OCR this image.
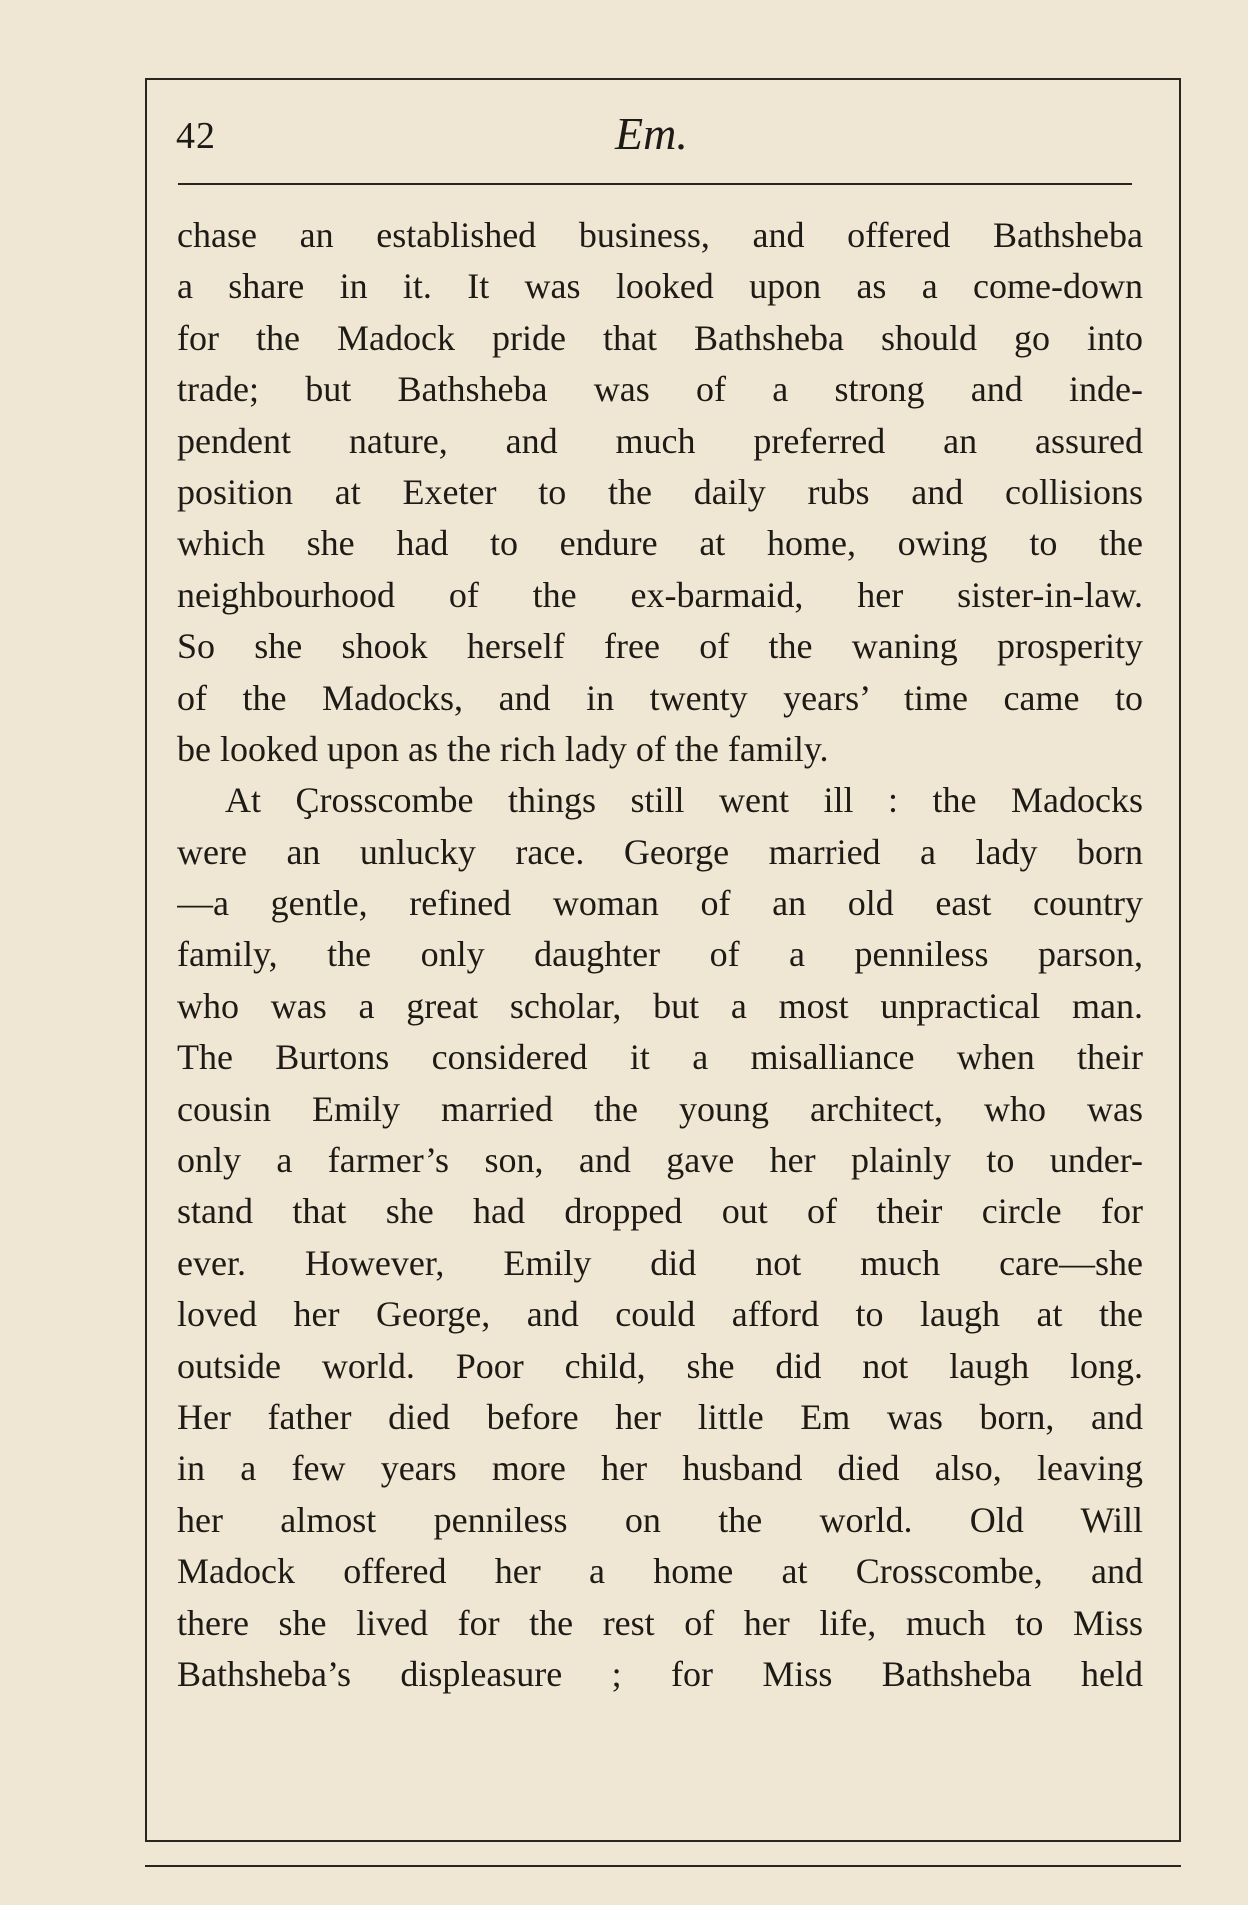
42	Em.
chase an established business, and offered Bathsheba
a share in it. It was looked upon as a come-down
for the Madock pride that Bathsheba should go into
trade; but Bathsheba was of a strong and inde-
pendent nature, and much preferred an assured
position at Exeter to the daily rubs and collisions
which she had to endure at home, owing to the
neighbourhood of the ex-barmaid, her sister-in-law.
So she shook herself free of the waning prosperity
of the Madocks, and in twenty years’ time came to
be looked upon as the rich lady of the family.
At Ҫrosscombe things still went ill : the Madocks
were an unlucky race. George married a lady born
—a gentle, refined woman of an old east country
family, the only daughter of a penniless parson,
who was a great scholar, but a most unpractical man.
The Burtons considered it a misalliance when their
cousin Emily married the young architect, who was
only a farmer’s son, and gave her plainly to under-
stand that she had dropped out of their circle for
ever. However, Emily did not much care—she
loved her George, and could afford to laugh at the
outside world. Poor child, she did not laugh long.
Her father died before her little Em was born, and
in a few years more her husband died also, leaving
her almost penniless on the world. Old Will
Madock offered her a home at Crosscombe, and
there she lived for the rest of her life, much to Miss
Bathsheba’s displeasure ; for Miss Bathsheba held
